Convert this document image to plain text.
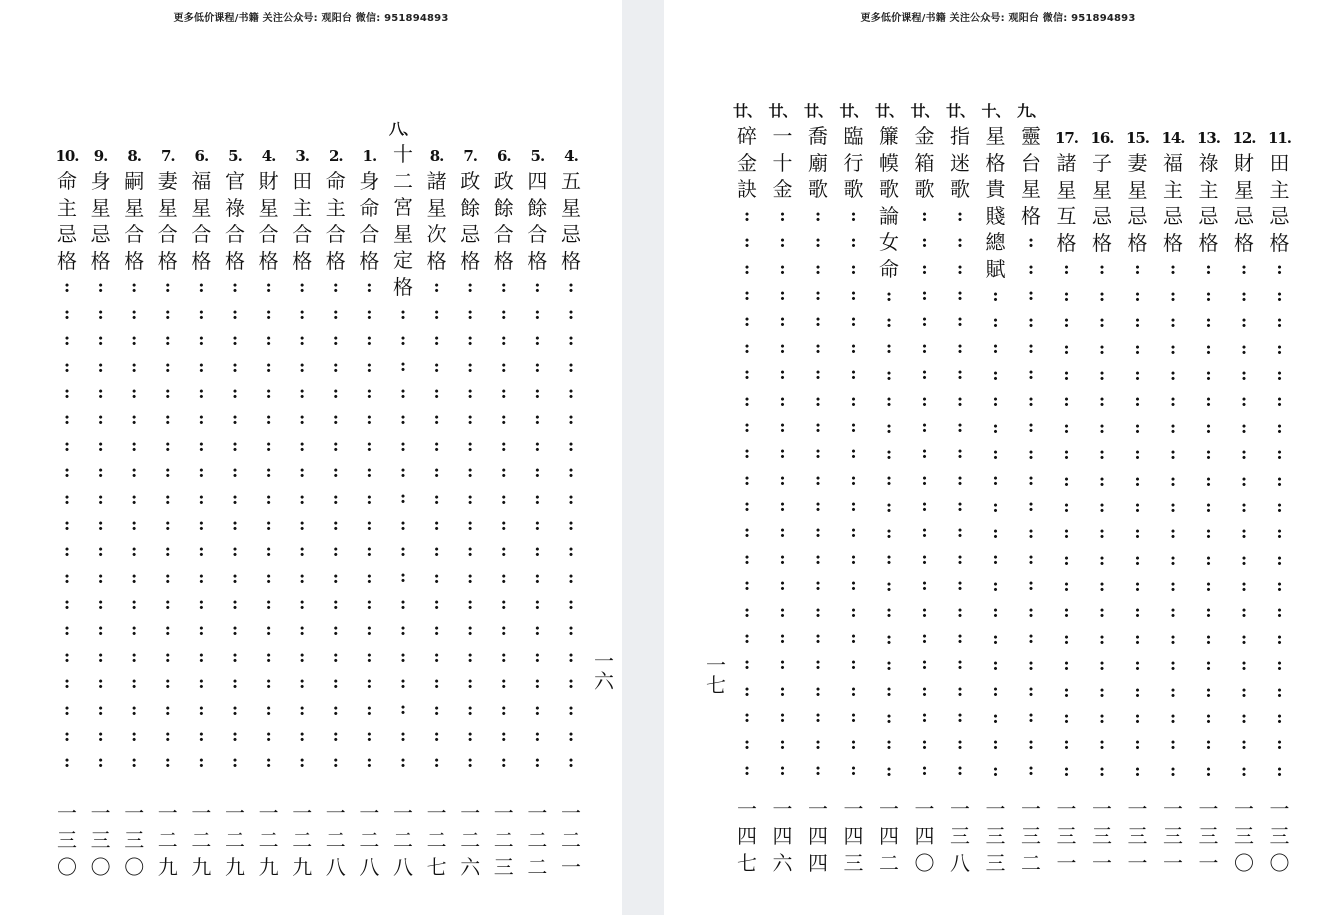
更多低价课程/书籍 关注公众号: 观阳台 微信: 951894893
10.
命
主
忌
格
:
:
:
:
:
:
:
:
:
:
:
:
:
:
:
:
:
:
:
一
三
〇
9.
身
星
忌
格
:
:
:
:
:
:
:
:
:
:
:
:
:
:
:
:
:
:
:
一
三
〇
8.
嗣
星
合
格
:
:
:
:
:
:
:
:
:
:
:
:
:
:
:
:
:
:
:
一
三
〇
7.
妻
星
合
格
:
:
:
:
:
:
:
:
:
:
:
:
:
:
:
:
:
:
:
一
二
九
6.
福
星
合
格
:
:
:
:
:
:
:
:
:
:
:
:
:
:
:
:
:
:
:
一
二
九
5.
官
祿
合
格
:
:
:
:
:
:
:
:
:
:
:
:
:
:
:
:
:
:
:
一
二
九
4.
財
星
合
格
:
:
:
:
:
:
:
:
:
:
:
:
:
:
:
:
:
:
:
一
二
九
3.
田
主
合
格
:
:
:
:
:
:
:
:
:
:
:
:
:
:
:
:
:
:
:
一
二
九
2.
命
主
合
格
:
:
:
:
:
:
:
:
:
:
:
:
:
:
:
:
:
:
:
一
二
八
1.
身
命
合
格
:
:
:
:
:
:
:
:
:
:
:
:
:
:
:
:
:
:
:
一
二
八
八、
十
二
宮
星
定
格
:
:
:
:
:
:
:
:
:
:
:
:
:
:
:
:
:
:
一
二
八
8.
諸
星
次
格
:
:
:
:
:
:
:
:
:
:
:
:
:
:
:
:
:
:
:
一
二
七
7.
政
餘
忌
格
:
:
:
:
:
:
:
:
:
:
:
:
:
:
:
:
:
:
:
一
二
六
6.
政
餘
合
格
:
:
:
:
:
:
:
:
:
:
:
:
:
:
:
:
:
:
:
一
二
三
5.
四
餘
合
格
:
:
:
:
:
:
:
:
:
:
:
:
:
:
:
:
:
:
:
一
二
二
4.
五
星
忌
格
:
:
:
:
:
:
:
:
:
:
:
:
:
:
:
:
:
:
:
一
二
一
一
六
更多低价课程/书籍 关注公众号: 观阳台 微信: 951894893
廿、
碎
金
訣
:
:
:
:
:
:
:
:
:
:
:
:
:
:
:
:
:
:
:
:
:
:
一
四
七
廿、
一
十
金
:
:
:
:
:
:
:
:
:
:
:
:
:
:
:
:
:
:
:
:
:
:
一
四
六
廿、
喬
廟
歌
:
:
:
:
:
:
:
:
:
:
:
:
:
:
:
:
:
:
:
:
:
:
一
四
四
廿、
臨
行
歌
:
:
:
:
:
:
:
:
:
:
:
:
:
:
:
:
:
:
:
:
:
:
一
四
三
廿、
簾
幙
歌
論
女
命
:
:
:
:
:
:
:
:
:
:
:
:
:
:
:
:
:
:
:
一
四
二
廿、
金
箱
歌
:
:
:
:
:
:
:
:
:
:
:
:
:
:
:
:
:
:
:
:
:
:
一
四
〇
廿、
指
迷
歌
:
:
:
:
:
:
:
:
:
:
:
:
:
:
:
:
:
:
:
:
:
:
一
三
八
十、
星
格
貴
賤
總
賦
:
:
:
:
:
:
:
:
:
:
:
:
:
:
:
:
:
:
:
一
三
三
九、
靈
台
星
格
:
:
:
:
:
:
:
:
:
:
:
:
:
:
:
:
:
:
:
:
:
一
三
二
17.
諸
星
互
格
:
:
:
:
:
:
:
:
:
:
:
:
:
:
:
:
:
:
:
:
一
三
一
16.
子
星
忌
格
:
:
:
:
:
:
:
:
:
:
:
:
:
:
:
:
:
:
:
:
一
三
一
15.
妻
星
忌
格
:
:
:
:
:
:
:
:
:
:
:
:
:
:
:
:
:
:
:
:
一
三
一
14.
福
主
忌
格
:
:
:
:
:
:
:
:
:
:
:
:
:
:
:
:
:
:
:
:
一
三
一
13.
祿
主
忌
格
:
:
:
:
:
:
:
:
:
:
:
:
:
:
:
:
:
:
:
:
一
三
一
12.
財
星
忌
格
:
:
:
:
:
:
:
:
:
:
:
:
:
:
:
:
:
:
:
:
一
三
〇
11.
田
主
忌
格
:
:
:
:
:
:
:
:
:
:
:
:
:
:
:
:
:
:
:
:
一
三
〇
一
七
